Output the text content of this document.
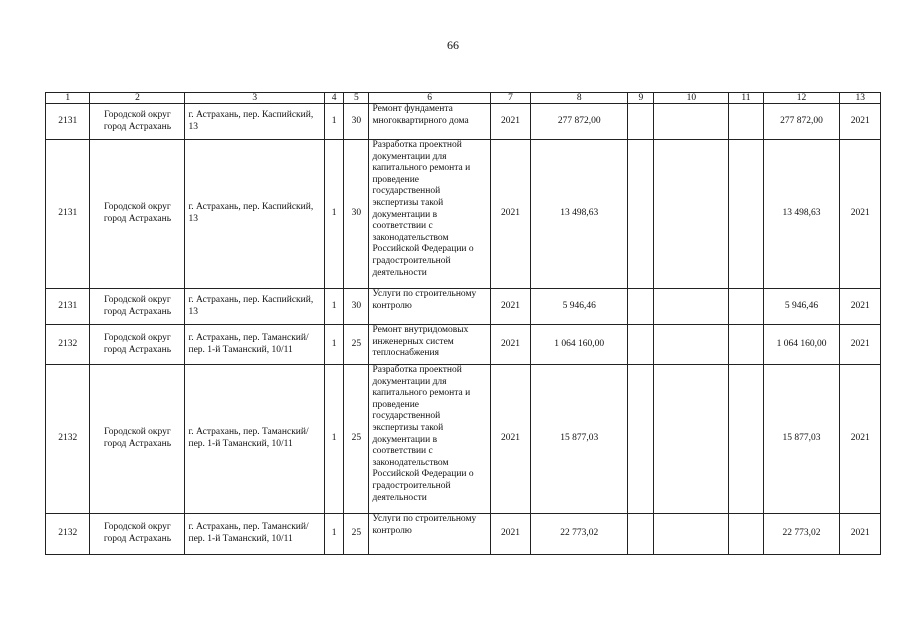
66
1	2	3	4	5	6	7	8	9	10	11	12	13
2131	Городской округ город Астрахань	г. Астрахань, пер. Каспийский, 13	1	30	Ремонт фундамента многоквартирного дома	2021	277 872,00				277 872,00	2021
2131	Городской округ город Астрахань	г. Астрахань, пер. Каспийский, 13	1	30	Разработка проектной документации для капитального ремонта и проведение государственной экспертизы такой документации в соответствии с законодательством Российской Федерации о градостроительной деятельности	2021	13 498,63				13 498,63	2021
2131	Городской округ город Астрахань	г. Астрахань, пер. Каспийский, 13	1	30	Услуги по строительному контролю	2021	5 946,46				5 946,46	2021
2132	Городской округ город Астрахань	г. Астрахань, пер. Таманский/пер. 1-й Таманский, 10/11	1	25	Ремонт внутридомовых инженерных систем теплоснабжения	2021	1 064 160,00				1 064 160,00	2021
2132	Городской округ город Астрахань	г. Астрахань, пер. Таманский/пер. 1-й Таманский, 10/11	1	25	Разработка проектной документации для капитального ремонта и проведение государственной экспертизы такой документации в соответствии с законодательством Российской Федерации о градостроительной деятельности	2021	15 877,03				15 877,03	2021
2132	Городской округ город Астрахань	г. Астрахань, пер. Таманский/пер. 1-й Таманский, 10/11	1	25	Услуги по строительному контролю	2021	22 773,02				22 773,02	2021
